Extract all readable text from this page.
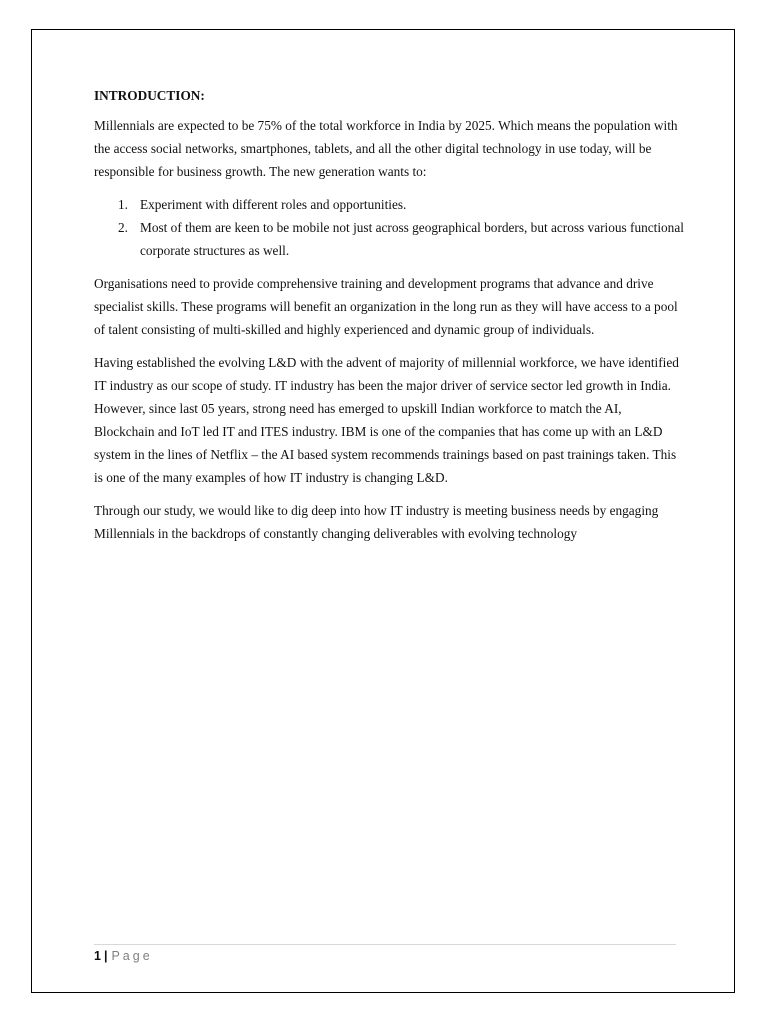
INTRODUCTION:

Millennials are expected to be 75% of the total workforce in India by 2025. Which means the population with the access social networks, smartphones, tablets, and all the other digital technology in use today, will be responsible for business growth. The new generation wants to:

1. Experiment with different roles and opportunities.
2. Most of them are keen to be mobile not just across geographical borders, but across various functional corporate structures as well.

Organisations need to provide comprehensive training and development programs that advance and drive specialist skills. These programs will benefit an organization in the long run as they will have access to a pool of talent consisting of multi-skilled and highly experienced and dynamic group of individuals.

Having established the evolving L&D with the advent of majority of millennial workforce, we have identified IT industry as our scope of study. IT industry has been the major driver of service sector led growth in India. However, since last 05 years, strong need has emerged to upskill Indian workforce to match the AI, Blockchain and IoT led IT and ITES industry. IBM is one of the companies that has come up with an L&D system in the lines of Netflix – the AI based system recommends trainings based on past trainings taken. This is one of the many examples of how IT industry is changing L&D.

Through our study, we would like to dig deep into how IT industry is meeting business needs by engaging Millennials in the backdrops of constantly changing deliverables with evolving technology

1 | Page
